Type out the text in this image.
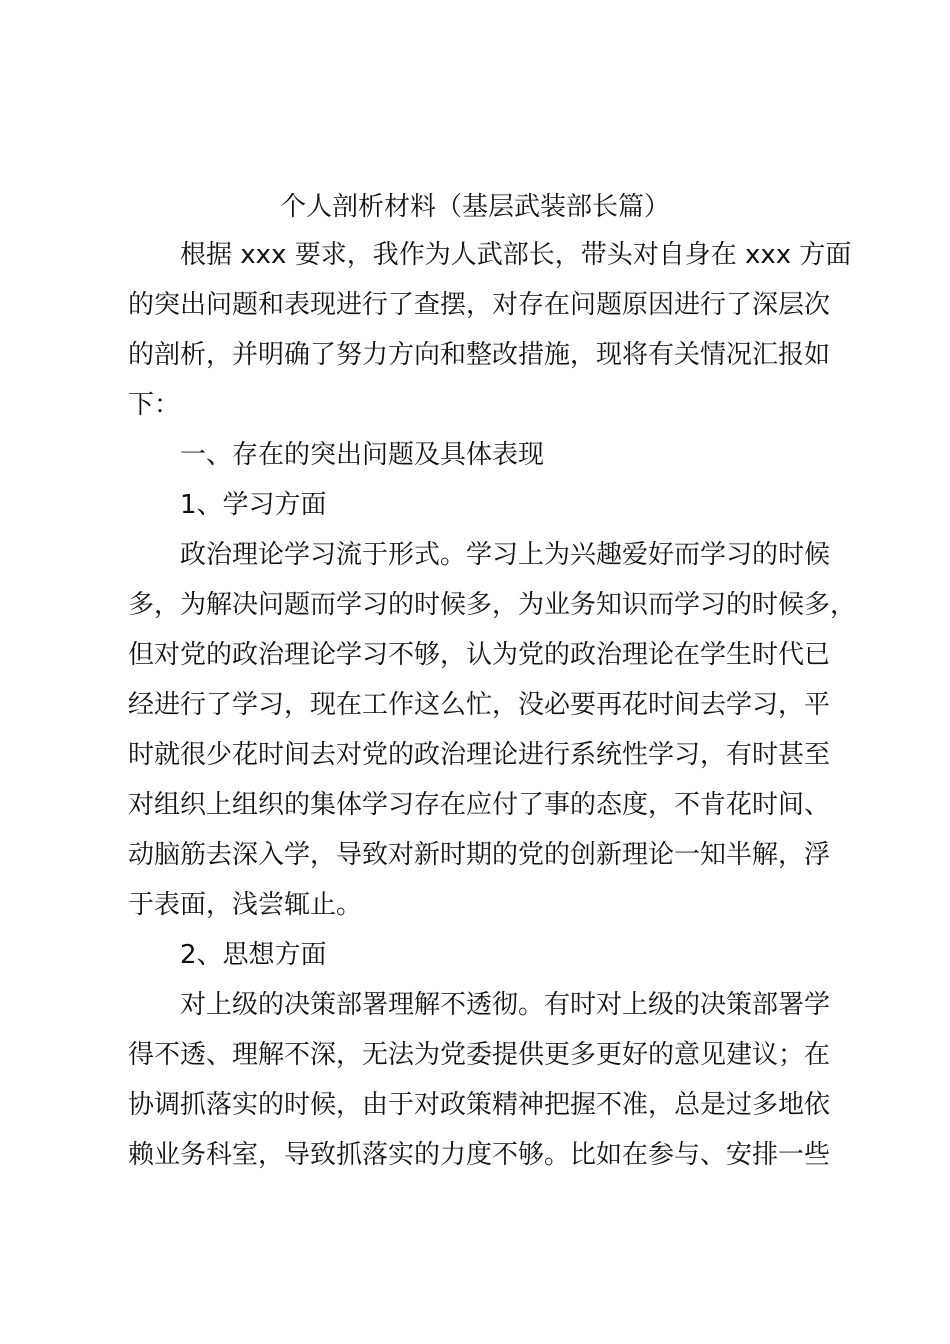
个人剖析材料（基层武装部长篇）
根据 xxx 要求，我作为人武部长，带头对自身在 xxx 方面
的突出问题和表现进行了查摆，对存在问题原因进行了深层次
的剖析，并明确了努力方向和整改措施，现将有关情况汇报如
下：
一、存在的突出问题及具体表现
1、学习方面
政治理论学习流于形式。学习上为兴趣爱好而学习的时候
多，为解决问题而学习的时候多，为业务知识而学习的时候多，
但对党的政治理论学习不够，认为党的政治理论在学生时代已
经进行了学习，现在工作这么忙，没必要再花时间去学习，平
时就很少花时间去对党的政治理论进行系统性学习，有时甚至
对组织上组织的集体学习存在应付了事的态度，不肯花时间、
动脑筋去深入学，导致对新时期的党的创新理论一知半解，浮
于表面，浅尝辄止。
2、思想方面
对上级的决策部署理解不透彻。有时对上级的决策部署学
得不透、理解不深，无法为党委提供更多更好的意见建议；在
协调抓落实的时候，由于对政策精神把握不准，总是过多地依
赖业务科室，导致抓落实的力度不够。比如在参与、安排一些
